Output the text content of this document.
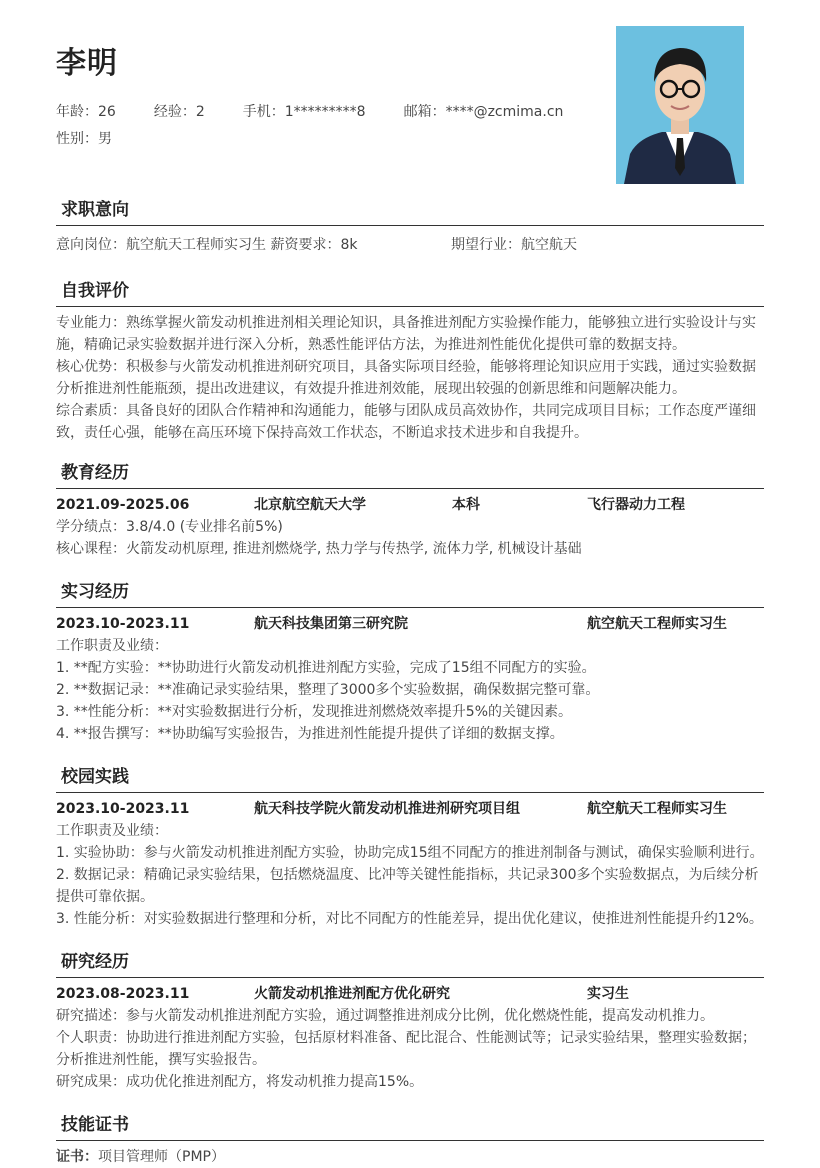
李明
年龄：26	经验：2	手机：1*********8	邮箱：****@zcmima.cn
性别：男
求职意向
意向岗位：航空航天工程师实习生 薪资要求：8k	期望行业：航空航天
自我评价
专业能力：熟练掌握火箭发动机推进剂相关理论知识，具备推进剂配方实验操作能力，能够独立进行实验设计与实施，精确记录实验数据并进行深入分析，熟悉性能评估方法，为推进剂性能优化提供可靠的数据支持。
核心优势：积极参与火箭发动机推进剂研究项目，具备实际项目经验，能够将理论知识应用于实践，通过实验数据分析推进剂性能瓶颈，提出改进建议，有效提升推进剂效能，展现出较强的创新思维和问题解决能力。
综合素质：具备良好的团队合作精神和沟通能力，能够与团队成员高效协作，共同完成项目目标；工作态度严谨细致，责任心强，能够在高压环境下保持高效工作状态，不断追求技术进步和自我提升。
教育经历
2021.09-2025.06	北京航空航天大学	本科	飞行器动力工程
学分绩点：3.8/4.0 (专业排名前5%)
核心课程：火箭发动机原理, 推进剂燃烧学, 热力学与传热学, 流体力学, 机械设计基础
实习经历
2023.10-2023.11	航天科技集团第三研究院	航空航天工程师实习生
工作职责及业绩：
1. **配方实验：**协助进行火箭发动机推进剂配方实验，完成了15组不同配方的实验。
2. **数据记录：**准确记录实验结果，整理了3000多个实验数据，确保数据完整可靠。
3. **性能分析：**对实验数据进行分析，发现推进剂燃烧效率提升5%的关键因素。
4. **报告撰写：**协助编写实验报告，为推进剂性能提升提供了详细的数据支撑。
校园实践
2023.10-2023.11	航天科技学院火箭发动机推进剂研究项目组	航空航天工程师实习生
工作职责及业绩：
1. 实验协助：参与火箭发动机推进剂配方实验，协助完成15组不同配方的推进剂制备与测试，确保实验顺利进行。
2. 数据记录：精确记录实验结果，包括燃烧温度、比冲等关键性能指标，共记录300多个实验数据点，为后续分析提供可靠依据。
3. 性能分析：对实验数据进行整理和分析，对比不同配方的性能差异，提出优化建议，使推进剂性能提升约12%。
研究经历
2023.08-2023.11	火箭发动机推进剂配方优化研究	实习生
研究描述：参与火箭发动机推进剂配方实验，通过调整推进剂成分比例，优化燃烧性能，提高发动机推力。
个人职责：协助进行推进剂配方实验，包括原材料准备、配比混合、性能测试等；记录实验结果，整理实验数据；分析推进剂性能，撰写实验报告。
研究成果：成功优化推进剂配方，将发动机推力提高15%。
技能证书
证书：项目管理师（PMP）
